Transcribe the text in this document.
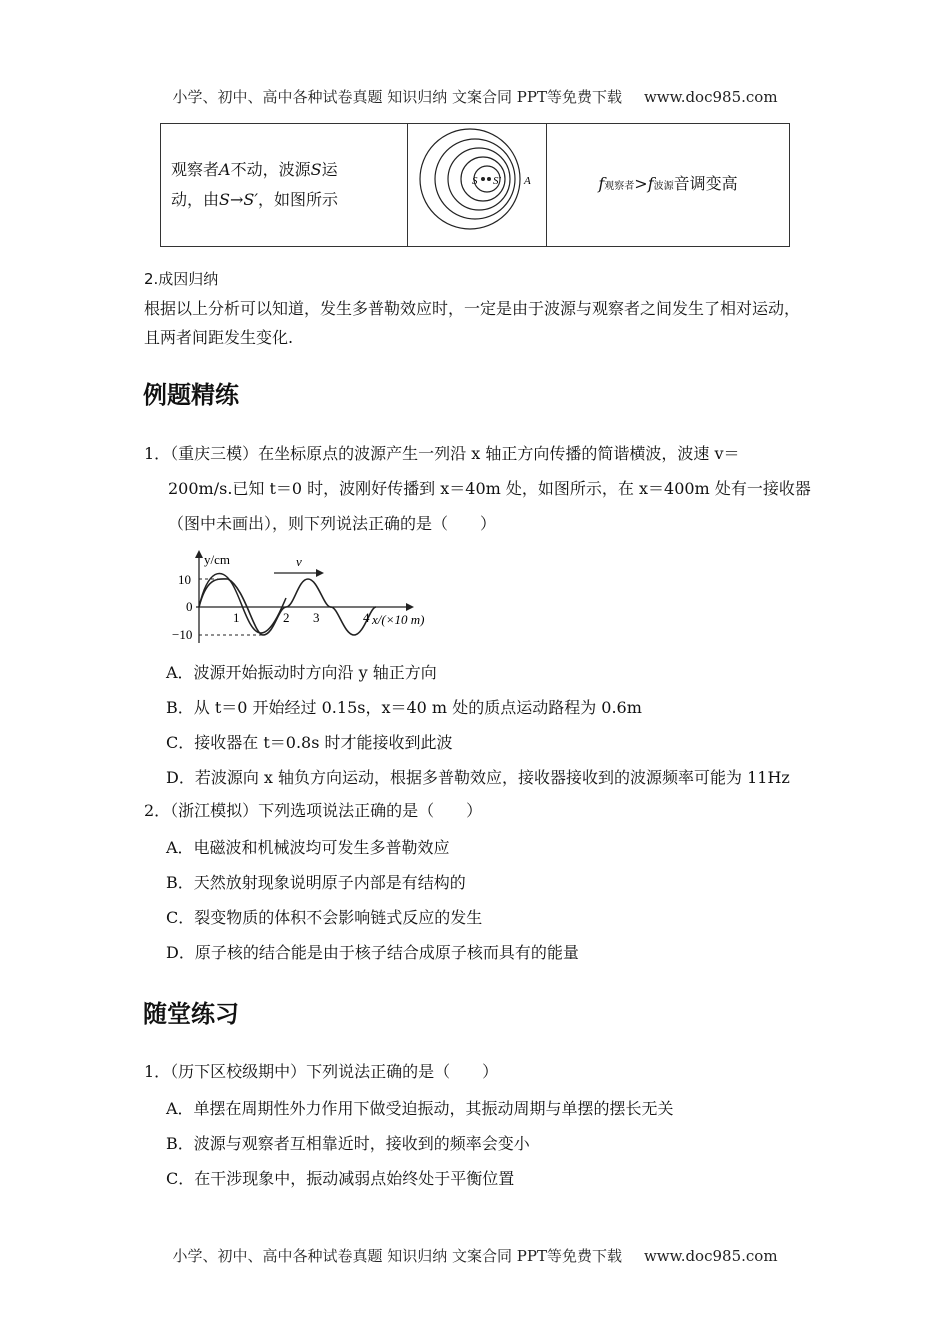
小学、初中、高中各种试卷真题 知识归纳 文案合同 PPT等免费下载 www.doc985.com
观察者A不动，波源S运
动，由S→S′，如图所示	
S S′ A	f观察者>f波源音调变高
2.成因归纳
根据以上分析可以知道，发生多普勒效应时，一定是由于波源与观察者之间发生了相对运动，且两者间距发生变化.
例题精练
1．（重庆三模）在坐标原点的波源产生一列沿 x 轴正方向传播的简谐横波，波速 v＝
200m/s.已知 t＝0 时，波刚好传播到 x＝40m 处，如图所示，在 x＝400m 处有一接收器
（图中未画出），则下列说法正确的是（　　）
v
y/cm
10
0
−10
1	2 3	4 x/(×10 m)
A．波源开始振动时方向沿 y 轴正方向
B．从 t＝0 开始经过 0.15s，x＝40 m 处的质点运动路程为 0.6m
C．接收器在 t＝0.8s 时才能接收到此波
D．若波源向 x 轴负方向运动，根据多普勒效应，接收器接收到的波源频率可能为 11Hz
2．（浙江模拟）下列选项说法正确的是（　　）
A．电磁波和机械波均可发生多普勒效应
B．天然放射现象说明原子内部是有结构的
C．裂变物质的体积不会影响链式反应的发生
D．原子核的结合能是由于核子结合成原子核而具有的能量
随堂练习
1．（历下区校级期中）下列说法正确的是（　　）
A．单摆在周期性外力作用下做受迫振动，其振动周期与单摆的摆长无关
B．波源与观察者互相靠近时，接收到的频率会变小
C．在干涉现象中，振动减弱点始终处于平衡位置
小学、初中、高中各种试卷真题 知识归纳 文案合同 PPT等免费下载 www.doc985.com
